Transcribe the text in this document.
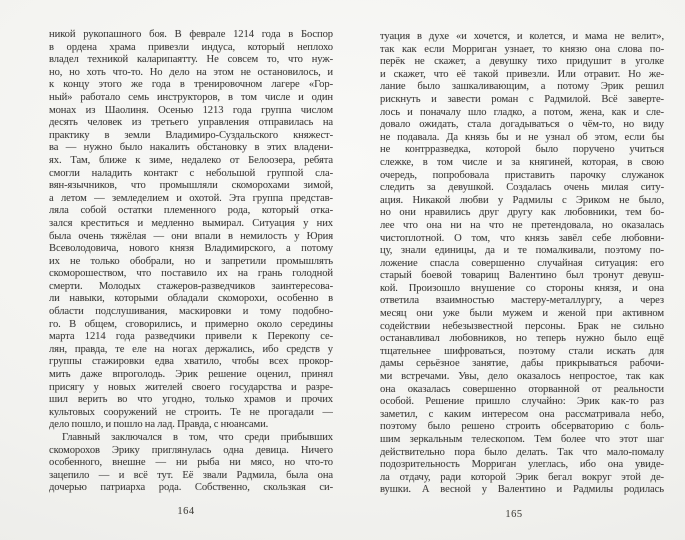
никой рукопашного боя. В феврале 1214 года в Боспор
в ордена храма привезли индуса, который неплохо
владел техникой каларипаятту. Не совсем то, что нуж-
но, но хоть что-то. Но дело на этом не остановилось, и
к концу этого же года в тренировочном лагере «Гор-
ный» работало семь инструкторов, в том числе и один
монах из Шаолиня. Осенью 1213 года группа числом
десять человек из третьего управления отправилась на
практику в земли Владимиро-Суздальского княжест-
ва — нужно было накалить обстановку в этих владени-
ях. Там, ближе к зиме, недалеко от Белоозера, ребята
смогли наладить контакт с небольшой группой сла-
вян-язычников, что промышляли скоморохами зимой,
а летом — земледелием и охотой. Эта группа представ-
ляла собой остатки племенного рода, который отка-
зался креститься и медленно вымирал. Ситуация у них
была очень тяжёлая — они впали в немилость у Юрия
Всеволодовича, нового князя Владимирского, а потому
их не только обобрали, но и запретили промышлять
скоморошеством, что поставило их на грань голодной
смерти. Молодых стажеров-разведчиков заинтересова-
ли навыки, которыми обладали скоморохи, особенно в
области подслушивания, маскировки и тому подобно-
го. В общем, сговорились, и примерно около середины
марта 1214 года разведчики привели к Перекопу се-
лян, правда, те еле на ногах держались, ибо средств у
группы стажировки едва хватило, чтобы всех прокор-
мить даже впроголодь. Эрик решение оценил, принял
присягу у новых жителей своего государства и разре-
шил верить во что угодно, только храмов и прочих
культовых сооружений не строить. Те не прогадали —
дело пошло, и пошло на лад. Правда, с нюансами.
Главный заключался в том, что среди прибывших
скоморохов Эрику приглянулась одна девица. Ничего
особенного, внешне — ни рыба ни мясо, но что-то
зацепило — и всё тут. Её звали Радмила, была она
дочерью патриарха рода. Собственно, скользкая си-
туация в духе «и хочется, и колется, и мама не велит»,
так как если Морриган узнает, то князю она слова по-
перёк не скажет, а девушку тихо придушит в уголке
и скажет, что её такой привезли. Или отравит. Но же-
лание было зашкаливающим, а потому Эрик решил
рискнуть и завести роман с Радмилой. Всё заверте-
лось и поначалу шло гладко, а потом, жена, как и сле-
довало ожидать, стала догадываться о чём-то, но виду
не подавала. Да князь бы и не узнал об этом, если бы
не контрразведка, которой было поручено учиться
слежке, в том числе и за княгиней, которая, в свою
очередь, попробовала приставить парочку служанок
следить за девушкой. Создалась очень милая ситу-
ация. Никакой любви у Радмилы с Эриком не было,
но они нравились друг другу как любовники, тем бо-
лее что она ни на что не претендовала, но оказалась
чистоплотной. О том, что князь завёл себе любовни-
цу, знали единицы, да и те помалкивали, поэтому по-
ложение спасла совершенно случайная ситуация: его
старый боевой товарищ Валентино был тронут девуш-
кой. Произошло внушение со стороны князя, и она
ответила взаимностью мастеру-металлургу, а через
месяц они уже были мужем и женой при активном
содействии небезызвестной персоны. Брак не сильно
останавливал любовников, но теперь нужно было ещё
тщательнее шифроваться, поэтому стали искать для
дамы серьёзное занятие, дабы прикрываться рабочи-
ми встречами. Увы, дело оказалось непростое, так как
она оказалась совершенно оторванной от реальности
особой. Решение пришло случайно: Эрик как-то раз
заметил, с каким интересом она рассматривала небо,
поэтому было решено строить обсерваторию с боль-
шим зеркальным телескопом. Тем более что этот шаг
действительно пора было делать. Так что мало-помалу
подозрительность Морриган улеглась, ибо она увиде-
ла отдачу, ради которой Эрик бегал вокруг этой де-
вушки. А весной у Валентино и Радмилы родилась
164	165
